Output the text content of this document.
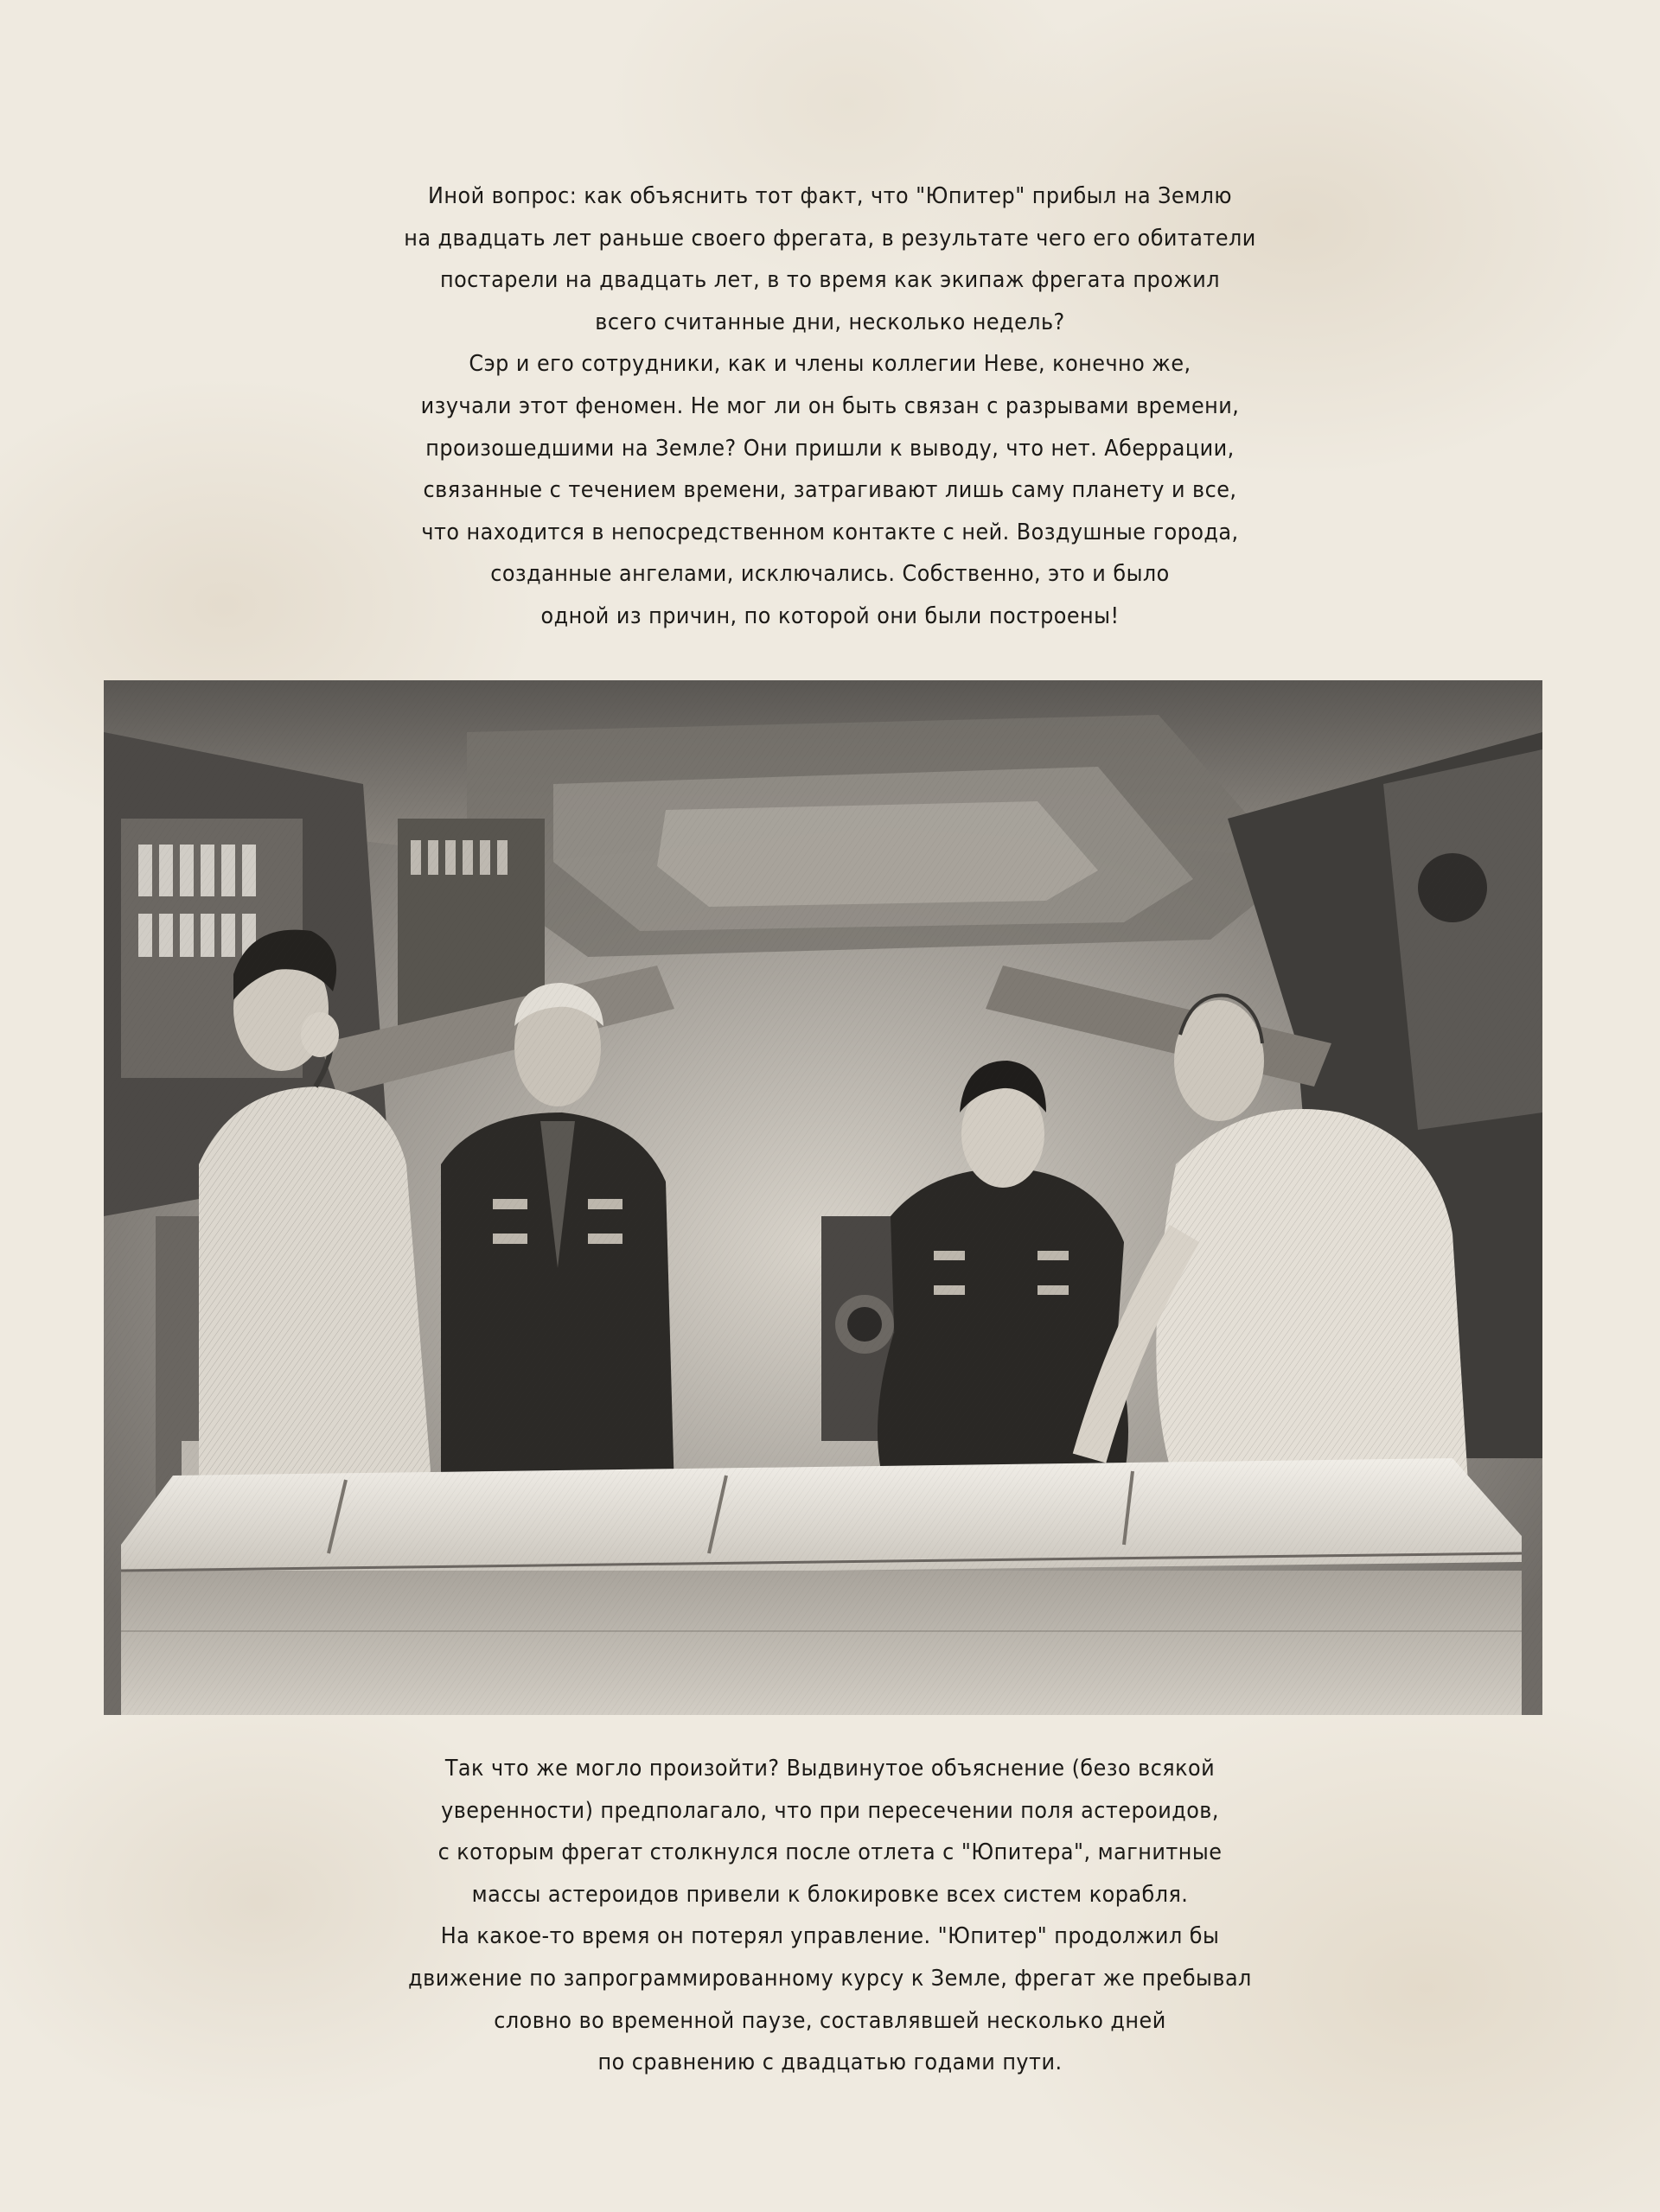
Иной вопрос: как объяснить тот факт, что "Юпитер" прибыл на Землю
на двадцать лет раньше своего фрегата, в результате чего его обитатели
постарели на двадцать лет, в то время как экипаж фрегата прожил
всего считанные дни, несколько недель?
Сэр и его сотрудники, как и члены коллегии Неве, конечно же,
изучали этот феномен. Не мог ли он быть связан с разрывами времени,
произошедшими на Земле? Они пришли к выводу, что нет. Аберрации,
связанные с течением времени, затрагивают лишь саму планету и все,
что находится в непосредственном контакте с ней. Воздушные города,
созданные ангелами, исключались. Собственно, это и было
одной из причин, по которой они были построены!
Так что же могло произойти? Выдвинутое объяснение (безо всякой
уверенности) предполагало, что при пересечении поля астероидов,
с которым фрегат столкнулся после отлета с "Юпитера", магнитные
массы астероидов привели к блокировке всех систем корабля.
На какое-то время он потерял управление. "Юпитер" продолжил бы
движение по запрограммированному курсу к Земле, фрегат же пребывал
словно во временной паузе, составлявшей несколько дней
по сравнению с двадцатью годами пути.
